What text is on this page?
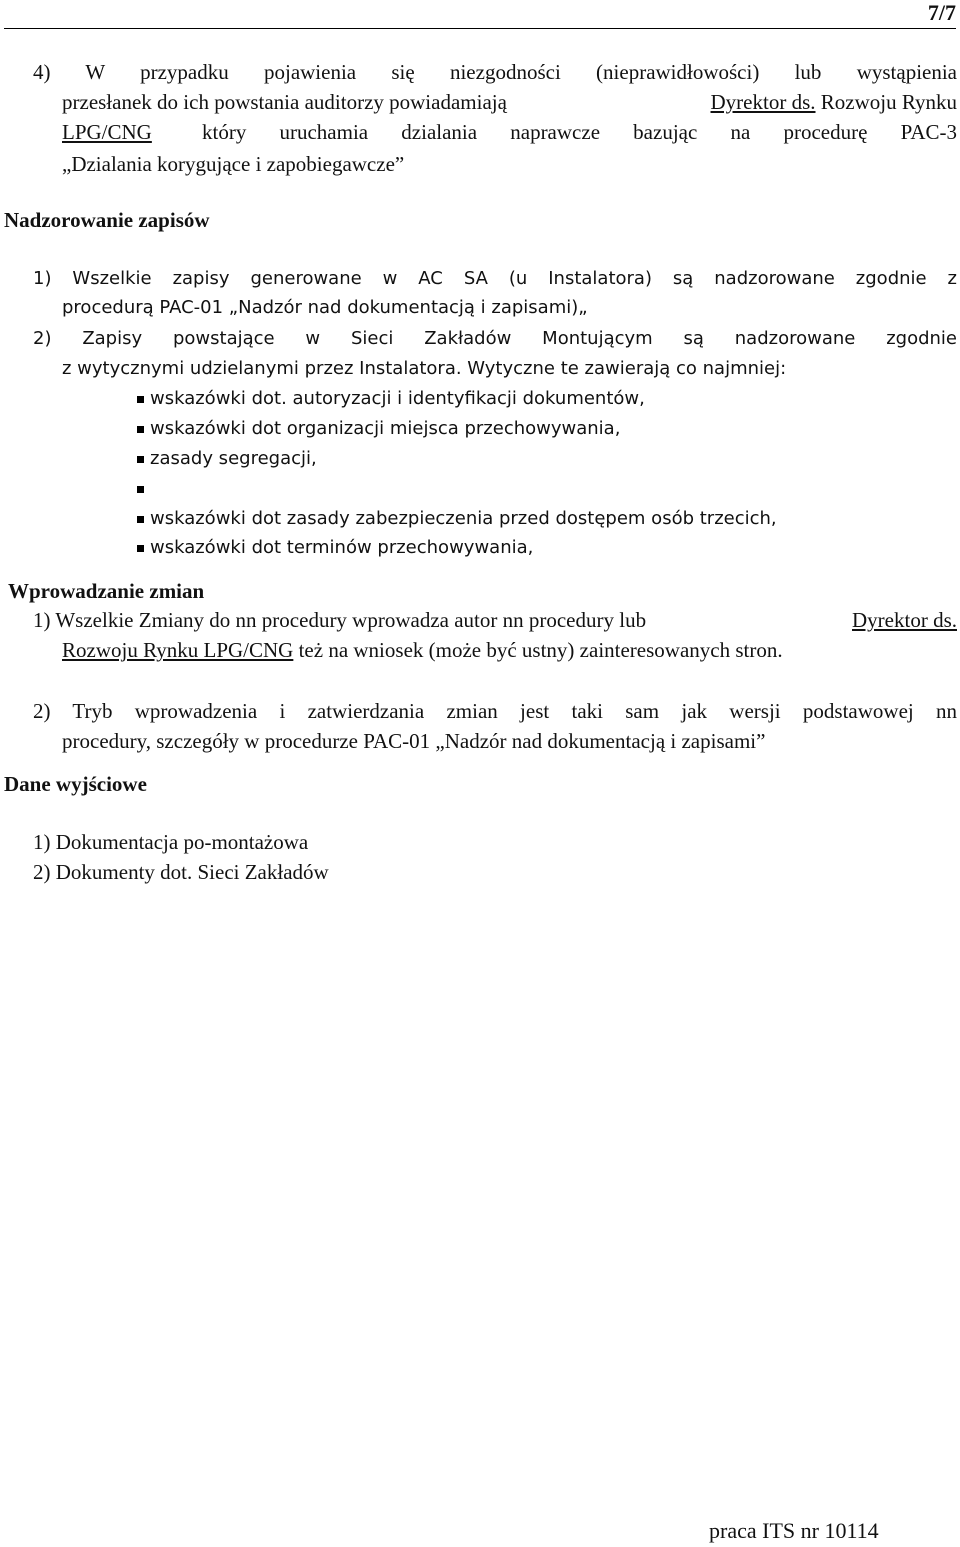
7/7
4) W przypadku pojawienia się niezgodności (nieprawidłowości) lub wystąpienia
przesłanek do ich powstania auditorzy powiadamiają	Dyrektor ds. Rozwoju Rynku
LPG/CNG który uruchamia dzialania naprawcze bazując na procedurę PAC-3
„Dzialania korygujące i zapobiegawcze”
Nadzorowanie zapisów
1) Wszelkie zapisy generowane w AC SA (u Instalatora) są nadzorowane zgodnie z
procedurą PAC-01 „Nadzór nad dokumentacją i zapisami)„
2) Zapisy powstające w Sieci Zakładów Montującym są nadzorowane zgodnie
z wytycznymi udzielanymi przez Instalatora. Wytyczne te zawierają co najmniej:
wskazówki dot. autoryzacji i identyfikacji dokumentów,
wskazówki dot organizacji miejsca przechowywania,
zasady segregacji,
wskazówki dot zasady zabezpieczenia przed dostępem osób trzecich,
wskazówki dot terminów przechowywania,
Wprowadzanie zmian
1) Wszelkie Zmiany do nn procedury wprowadza autor nn procedury lub	Dyrektor ds.
Rozwoju Rynku LPG/CNG też na wniosek (może być ustny) zainteresowanych stron.
2) Tryb wprowadzenia i zatwierdzania zmian jest taki sam jak wersji podstawowej nn
procedury, szczegóły w procedurze PAC-01 „Nadzór nad dokumentacją i zapisami”
Dane wyjściowe
1) Dokumentacja po-montażowa
2) Dokumenty dot. Sieci Zakładów
praca ITS nr 10114
